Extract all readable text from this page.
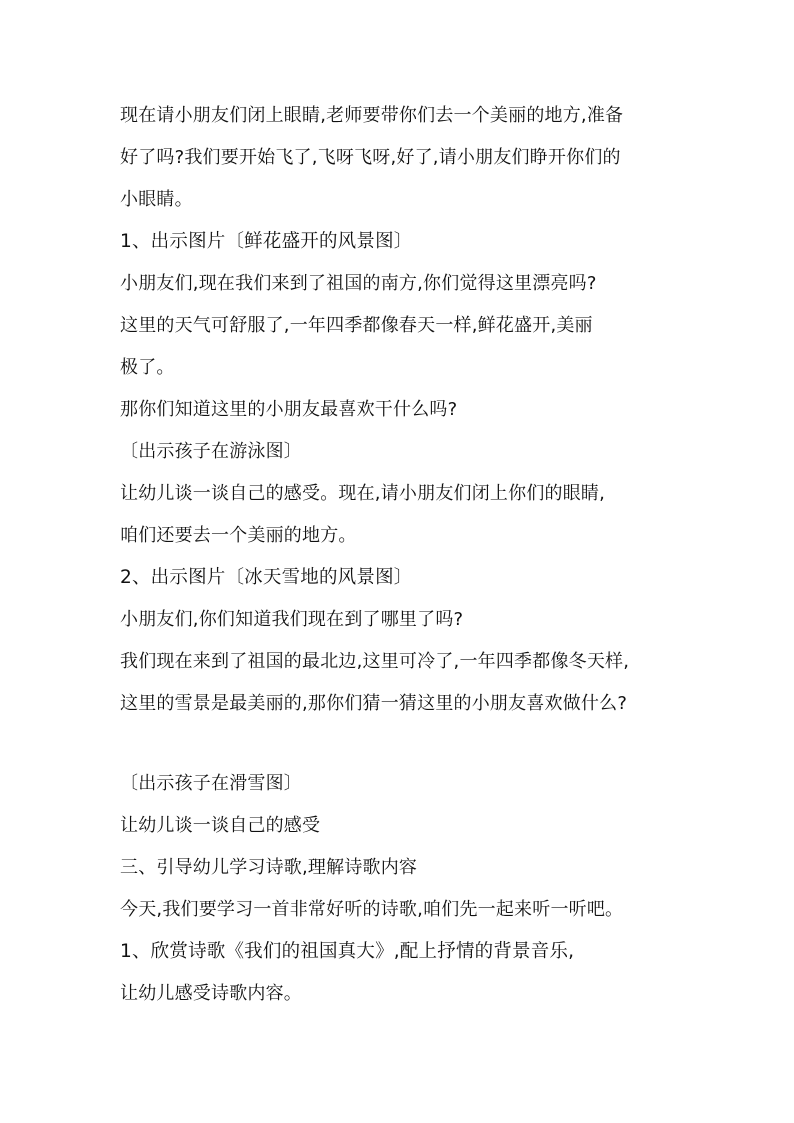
现在请小朋友们闭上眼睛,老师要带你们去一个美丽的地方,准备
好了吗?我们要开始飞了,飞呀飞呀,好了,请小朋友们睁开你们的
小眼睛。
1、出示图片〔鲜花盛开的风景图〕
小朋友们,现在我们来到了祖国的南方,你们觉得这里漂亮吗?
这里的天气可舒服了,一年四季都像春天一样,鲜花盛开,美丽
极了。
那你们知道这里的小朋友最喜欢干什么吗?
〔出示孩子在游泳图〕
让幼儿谈一谈自己的感受。现在,请小朋友们闭上你们的眼睛,
咱们还要去一个美丽的地方。
2、出示图片〔冰天雪地的风景图〕
小朋友们,你们知道我们现在到了哪里了吗?
我们现在来到了祖国的最北边,这里可冷了,一年四季都像冬天样,
这里的雪景是最美丽的,那你们猜一猜这里的小朋友喜欢做什么?
〔出示孩子在滑雪图〕
让幼儿谈一谈自己的感受
三、引导幼儿学习诗歌,理解诗歌内容
今天,我们要学习一首非常好听的诗歌,咱们先一起来听一听吧。
1、欣赏诗歌《我们的祖国真大》,配上抒情的背景音乐,
让幼儿感受诗歌内容。
